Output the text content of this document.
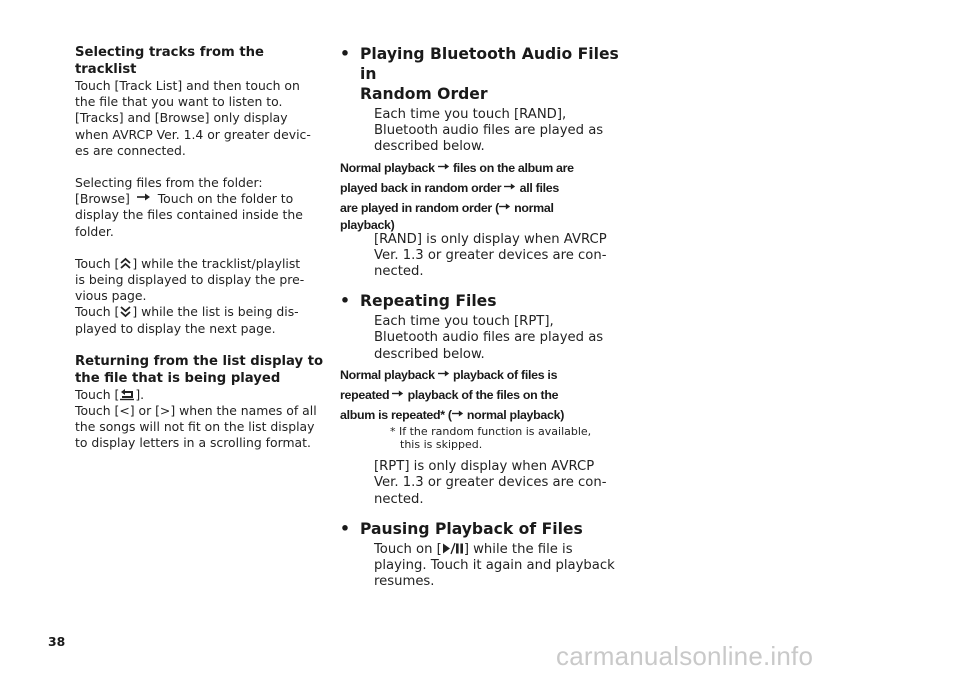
Selecting tracks from the tracklist

Touch [Track List] and then touch on

the file that you want to listen to.

[Tracks] and [Browse] only display

when AVRCP Ver. 1.4 or greater devic-

es are connected.

Selecting files from the folder:

[Browse] Touch on the folder to

display the files contained inside the

folder.

Touch [ ] while the tracklist/playlist

is being displayed to display the pre-

vious page.

Touch [ ] while the list is being dis-

played to display the next page.

Returning from the list display to

the file that is being played

Touch [ ].

Touch [<] or [>] when the names of all

the songs will not fit on the list display

to display letters in a scrolling format.

• Playing Bluetooth Audio Files in

Random Order

Each time you touch [RAND],

Bluetooth audio files are played as

described below.

Normal playback files on the album are

played back in random order all files

are played in random order ( normal

playback)

[RAND] is only display when AVRCP

Ver. 1.3 or greater devices are con-

nected.

• Repeating Files

Each time you touch [RPT],

Bluetooth audio files are played as

described below.

Normal playback playback of files is

repeated playback of the files on the

album is repeated* ( normal playback)

* If the random function is available,

this is skipped.

[RPT] is only display when AVRCP

Ver. 1.3 or greater devices are con-

nected.

• Pausing Playback of Files

Touch on [ ] while the file is

playing. Touch it again and playback

resumes.

38	carmanualsonline.info
